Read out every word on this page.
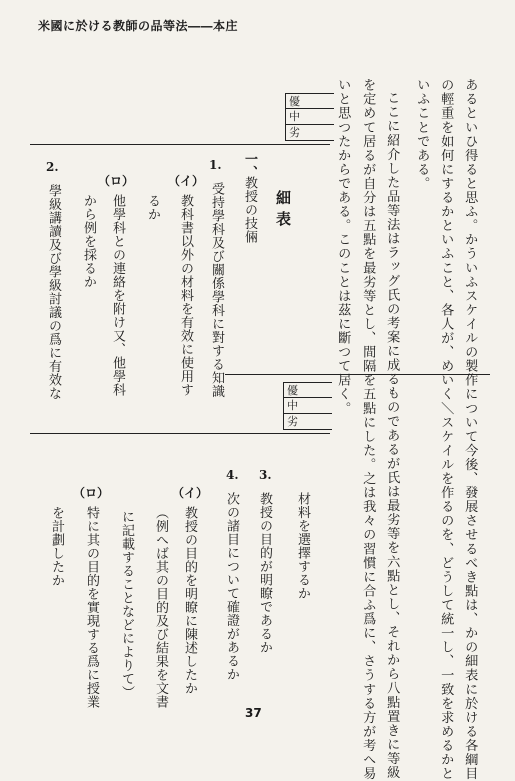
米國に於ける教師の品等法――本庄
あるといひ得ると思ふ。かういふスケイルの製作について今後、發展させるべき點は、かの細表に於ける各綱目
の輕重を如何にするかといふこと、各人が、めいく＼スケイルを作るのを、どうして統一し、一致を求めるかと
いふことである。
ここに紹介した品等法はラッグ氏の考案に成るものであるが氏は最劣等を六點とし、それから八點置きに等級
を定めて居るが自分は五點を最劣等とし、間隔を五點にした。之は我々の習慣に合ふ爲に、さうする方が考へ易
いと思つたからである。このことは茲に斷つて居く。
優
中
劣
細表
一、
教授の技倆
1.
受持學科及び關係學科に對する知識
（イ）
教科書以外の材料を有效に使用す
るか
（ロ）
他學科との連絡を附け又、他學科
から例を採るか
2.
學級講讀及び學級討議の爲に有效な	優
中
劣
材料を選擇するか
3.
教授の目的が明瞭であるか
4.
次の諸目について確證があるか
（イ）
教授の目的を明瞭に陳述したか
（例へば其の目的及び結果を文書
に記載することなどによりて）
（ロ）
特に其の目的を實現する爲に授業
を計劃したか
37
